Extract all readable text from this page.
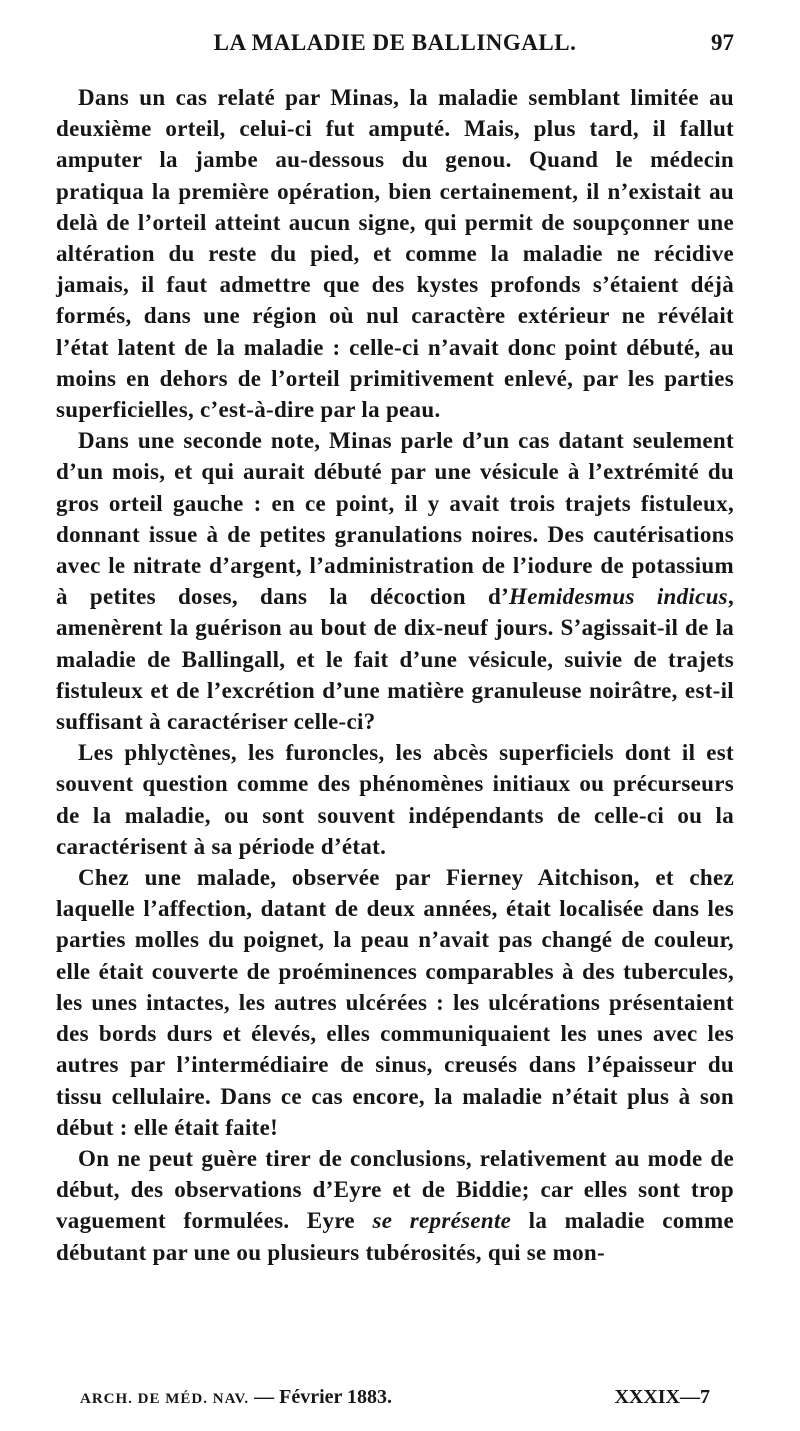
LA MALADIE DE BALLINGALL.	97

Dans un cas relaté par Minas, la maladie semblant limitée au deuxième orteil, celui-ci fut amputé. Mais, plus tard, il fallut amputer la jambe au-dessous du genou. Quand le médecin pratiqua la première opération, bien certainement, il n’existait au delà de l’orteil atteint aucun signe, qui permit de soupçonner une altération du reste du pied, et comme la maladie ne récidive jamais, il faut admettre que des kystes profonds s’étaient déjà formés, dans une région où nul caractère extérieur ne révélait l’état latent de la maladie : celle-ci n’avait donc point débuté, au moins en dehors de l’orteil primitivement enlevé, par les parties superficielles, c’est-à-dire par la peau.

Dans une seconde note, Minas parle d’un cas datant seulement d’un mois, et qui aurait débuté par une vésicule à l’extrémité du gros orteil gauche : en ce point, il y avait trois trajets fistuleux, donnant issue à de petites granulations noires. Des cautérisations avec le nitrate d’argent, l’administration de l’iodure de potassium à petites doses, dans la décoction d’Hemidesmus indicus, amenèrent la guérison au bout de dix-neuf jours. S’agissait-il de la maladie de Ballingall, et le fait d’une vésicule, suivie de trajets fistuleux et de l’excrétion d’une matière granuleuse noirâtre, est-il suffisant à caractériser celle-ci?

Les phlyctènes, les furoncles, les abcès superficiels dont il est souvent question comme des phénomènes initiaux ou précurseurs de la maladie, ou sont souvent indépendants de celle-ci ou la caractérisent à sa période d’état.

Chez une malade, observée par Fierney Aitchison, et chez laquelle l’affection, datant de deux années, était localisée dans les parties molles du poignet, la peau n’avait pas changé de couleur, elle était couverte de proéminences comparables à des tubercules, les unes intactes, les autres ulcérées : les ulcérations présentaient des bords durs et élevés, elles communiquaient les unes avec les autres par l’intermédiaire de sinus, creusés dans l’épaisseur du tissu cellulaire. Dans ce cas encore, la maladie n’était plus à son début : elle était faite!

On ne peut guère tirer de conclusions, relativement au mode de début, des observations d’Eyre et de Biddie; car elles sont trop vaguement formulées. Eyre se représente la maladie comme débutant par une ou plusieurs tubérosités, qui se mon-

ARCH. DE MÉD. NAV. — Février 1883.	XXXIX—7
